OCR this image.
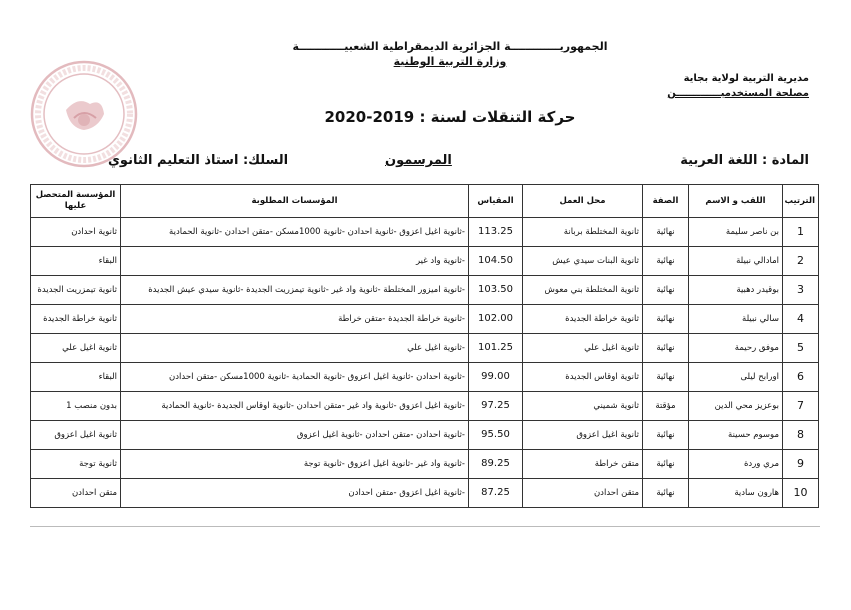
الجمهوريـــــــــــــة الجزائرية الديمقراطية الشعبيــــــــــــة
وزارة التربية الوطنية
مديرية التربية لولاية بجاية
مصلحة المستخدميـــــــــــــن
حركة التنقلات لسنة : 2019-2020
المادة : اللغة العربية
المرسمون
السلك: استاذ التعليم الثانوي
الترتيب	اللقب و الاسم	الصفة	محل العمل	المقياس	المؤسسات المطلوبة	المؤسسة المتحصل عليها
1	بن ناصر سليمة	نهائية	ثانوية المختلطة بربانة	113.25	-ثانوية اغيل اعزوق -ثانوية احدادن -ثانوية 1000مسكن -متقن احدادن -ثانوية الحمادية	ثانوية احدادن
2	امادالي نبيلة	نهائية	ثانوية البنات سيدي عيش	104.50	-ثانوية واد غير	البقاء
3	بوقيدر دهبية	نهائية	ثانوية المختلطة بني معوش	103.50	-ثانوية اميزور المختلطة -ثانوية واد غير -ثانوية تيمزريت الجديدة -ثانوية سيدي عيش الجديدة	ثانوية تيمزريت الجديدة
4	سالي نبيلة	نهائية	ثانوية خراطة الجديدة	102.00	-ثانوية خراطة الجديدة -متقن خراطة	ثانوية خراطة الجديدة
5	موفق رحيمة	نهائية	ثانوية اغيل علي	101.25	-ثانوية اغيل علي	ثانوية اغيل علي
6	اورابح ليلى	نهائية	ثانوية اوقاس الجديدة	99.00	-ثانوية احدادن -ثانوية اغيل اعزوق -ثانوية الحمادية -ثانوية 1000مسكن -متقن احدادن	البقاء
7	بوعزيز محي الدين	مؤقتة	ثانوية شميني	97.25	-ثانوية اغيل اعزوق -ثانوية واد غير -متقن احدادن -ثانوية اوقاس الجديدة -ثانوية الحمادية	بدون منصب 1
8	موسوم حسينة	نهائية	ثانوية اغيل اعزوق	95.50	-ثانوية احدادن -متقن احدادن -ثانوية اغيل اعزوق	ثانوية اغيل اعزوق
9	مري وردة	نهائية	متقن خراطة	89.25	-ثانوية واد غير -ثانوية اغيل اعزوق -ثانوية توجة	ثانوية توجة
10	هارون سادية	نهائية	متقن احدادن	87.25	-ثانوية اغيل اعزوق -متقن احدادن	متقن احدادن
